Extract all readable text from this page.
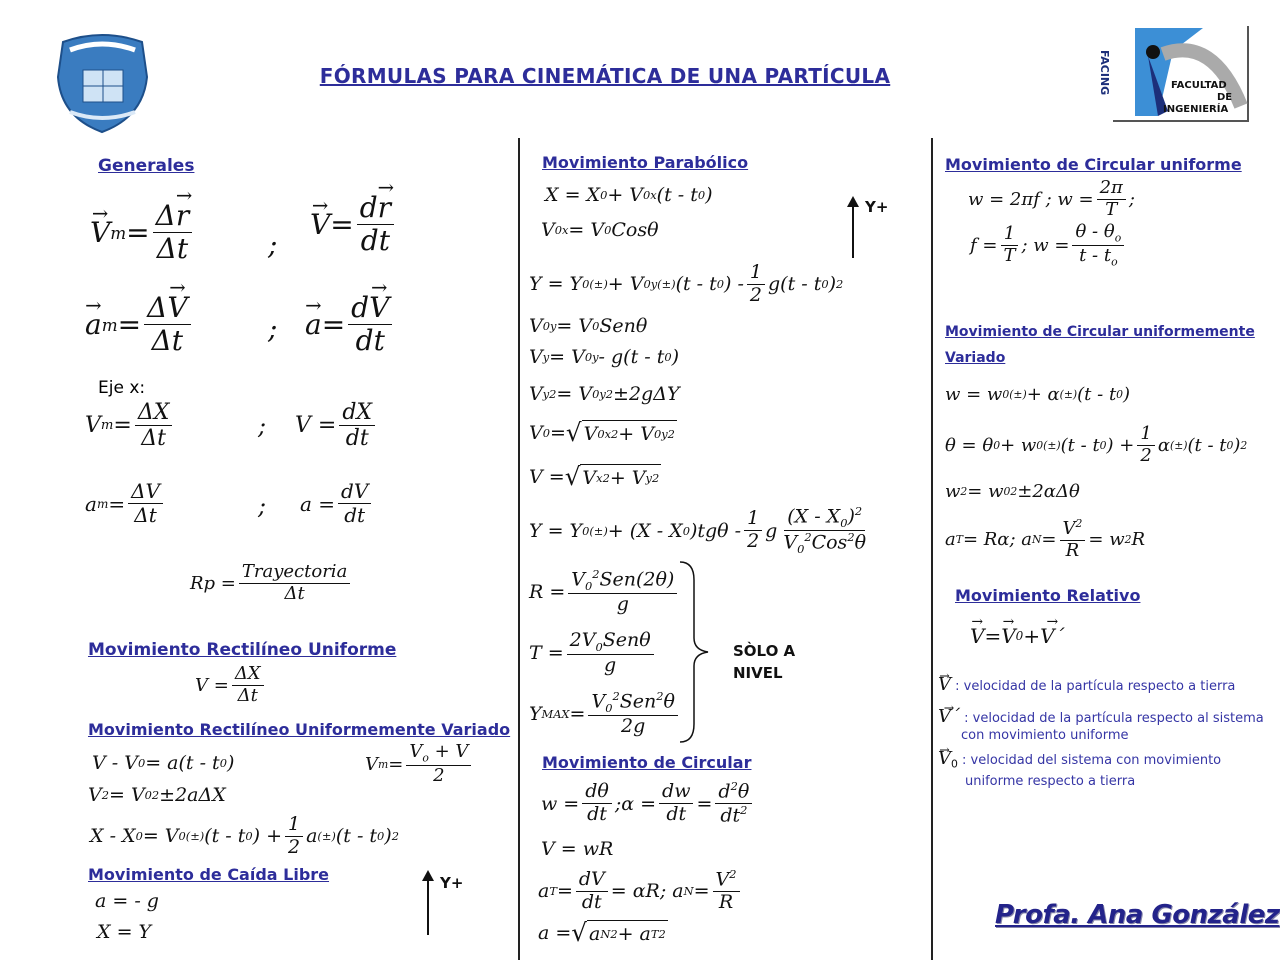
FÓRMULAS PARA CINEMÁTICA DE UNA PARTÍCULA	FACING	FACULTAD
DE
INGENIERÍA
Generales
→ V $m = \frac{\Delta\to r}{\Delta t}$	;
→ $V = \frac{d\to r}{dt}$
→ a $m = \frac{\Delta\to V}{\Delta t}$	; → $a = \frac{d\to V}{dt}$
Eje x:
V $m = \frac{\Delta X}{\Delta t}$	; $V = \frac{dX}{dt}$
a $m = \frac{\Delta V}{\Delta t}$	; $a = \frac{dV}{dt}$
$Rp = \frac{\text{Trayectoria}}{\Delta t}$
Movimiento Rectilíneo Uniforme
$V = \frac{\Delta X}{\Delta t}$
Movimiento Rectilíneo Uniformemente Variado
V - V 0 = a(t - t 0 )	V $m = \frac{V_o + V}{2}$
V 2 = V 0 2 ±2aΔX
X - X 0 = V 0 (±) (t - t 0 ) + $\frac{1}{2}$ a (±) (t - t 0 ) 2
Movimiento de Caída Libre
a = - g
X = Y
Y+
Movimiento Parabólico
X = X 0 + V 0x (t - t 0 )
V 0x = V 0 Cosθ
Y+
Y = Y 0 (±) + V 0y (±) (t - t 0 ) - $\frac{1}{2} g(t$ - t 0 ) 2
V 0y = V 0 Senθ
V y = V 0y - g(t - t 0 )
V y 2 = V 0y 2 ±2gΔY
V 0 = √ V 0x 2 + V 0y 2
V = √ V x 2 + V y 2
Y = Y 0 (±) + (X - X 0 )$tg\theta - \frac{1}{2}$ g $\frac{(X - X_0)^2}{V_0^2Cos^2\theta}$
$R = \frac{V_0^2Sen(2\theta)}{g}$
$T = \frac{2V_0Sen\theta}{g}$
Y MAX = $\frac{V_0^2Sen^2\theta}{2g}$
SÒLO A NIVEL
Movimiento de Circular
$w = \frac{d\theta}{dt}$ ;α = $\frac{dw}{dt} = \frac{d^2\theta}{dt^2}$
V = wR
a $T = \frac{dV}{dt} = \alpha R$; a $N = \frac{V^2}{R}$
a = √ a N 2 + a T 2
Movimiento de Circular uniforme
w = 2πf ; $w = \frac{2\pi}{T}$ ;
$f = \frac{1}{T}$ ; $w = \frac{\theta - \theta_o}{t - t_o}$
Movimiento de Circular uniformemente
Variado
w = w 0 (±) + α (±) (t - t 0 )
θ = θ 0 + w 0 (±) (t - t 0 ) + $\frac{1}{2}$ α (±) (t - t 0 ) 2
w 2 = w 0 2 ±2αΔθ
a T = Rα; a $N = \frac{V^2}{R} = w$ 2 R
Movimiento Relativo
→ V = → V 0 + → V´
→ V : velocidad de la partícula respecto a tierra
→ V´ : velocidad de la partícula respecto al sistema
con movimiento uniforme
→ $V_0$ : velocidad del sistema con movimiento
uniforme respecto a tierra
Profa. Ana González
